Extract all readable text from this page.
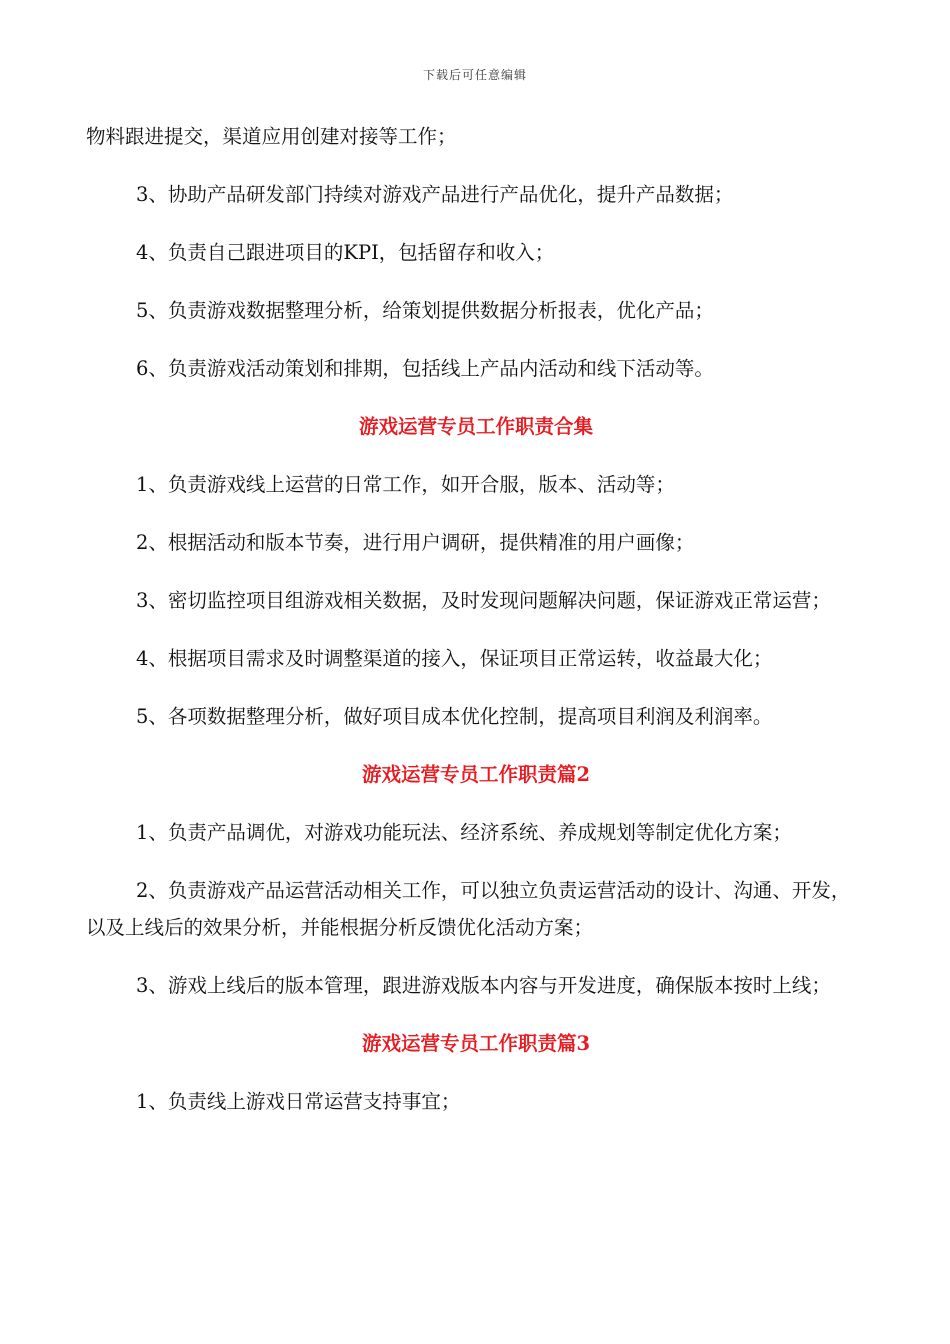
下载后可任意编辑

物料跟进提交，渠道应用创建对接等工作；

3、协助产品研发部门持续对游戏产品进行产品优化，提升产品数据；

4、负责自己跟进项目的KPI，包括留存和收入；

5、负责游戏数据整理分析，给策划提供数据分析报表，优化产品；

6、负责游戏活动策划和排期，包括线上产品内活动和线下活动等。

游戏运营专员工作职责合集

1、负责游戏线上运营的日常工作，如开合服，版本、活动等；

2、根据活动和版本节奏，进行用户调研，提供精准的用户画像；

3、密切监控项目组游戏相关数据，及时发现问题解决问题，保证游戏正常运营；

4、根据项目需求及时调整渠道的接入，保证项目正常运转，收益最大化；

5、各项数据整理分析，做好项目成本优化控制，提高项目利润及利润率。

游戏运营专员工作职责篇2

1、负责产品调优，对游戏功能玩法、经济系统、养成规划等制定优化方案；

2、负责游戏产品运营活动相关工作，可以独立负责运营活动的设计、沟通、开发，以及上线后的效果分析，并能根据分析反馈优化活动方案；

3、游戏上线后的版本管理，跟进游戏版本内容与开发进度，确保版本按时上线；

游戏运营专员工作职责篇3

1、负责线上游戏日常运营支持事宜；
